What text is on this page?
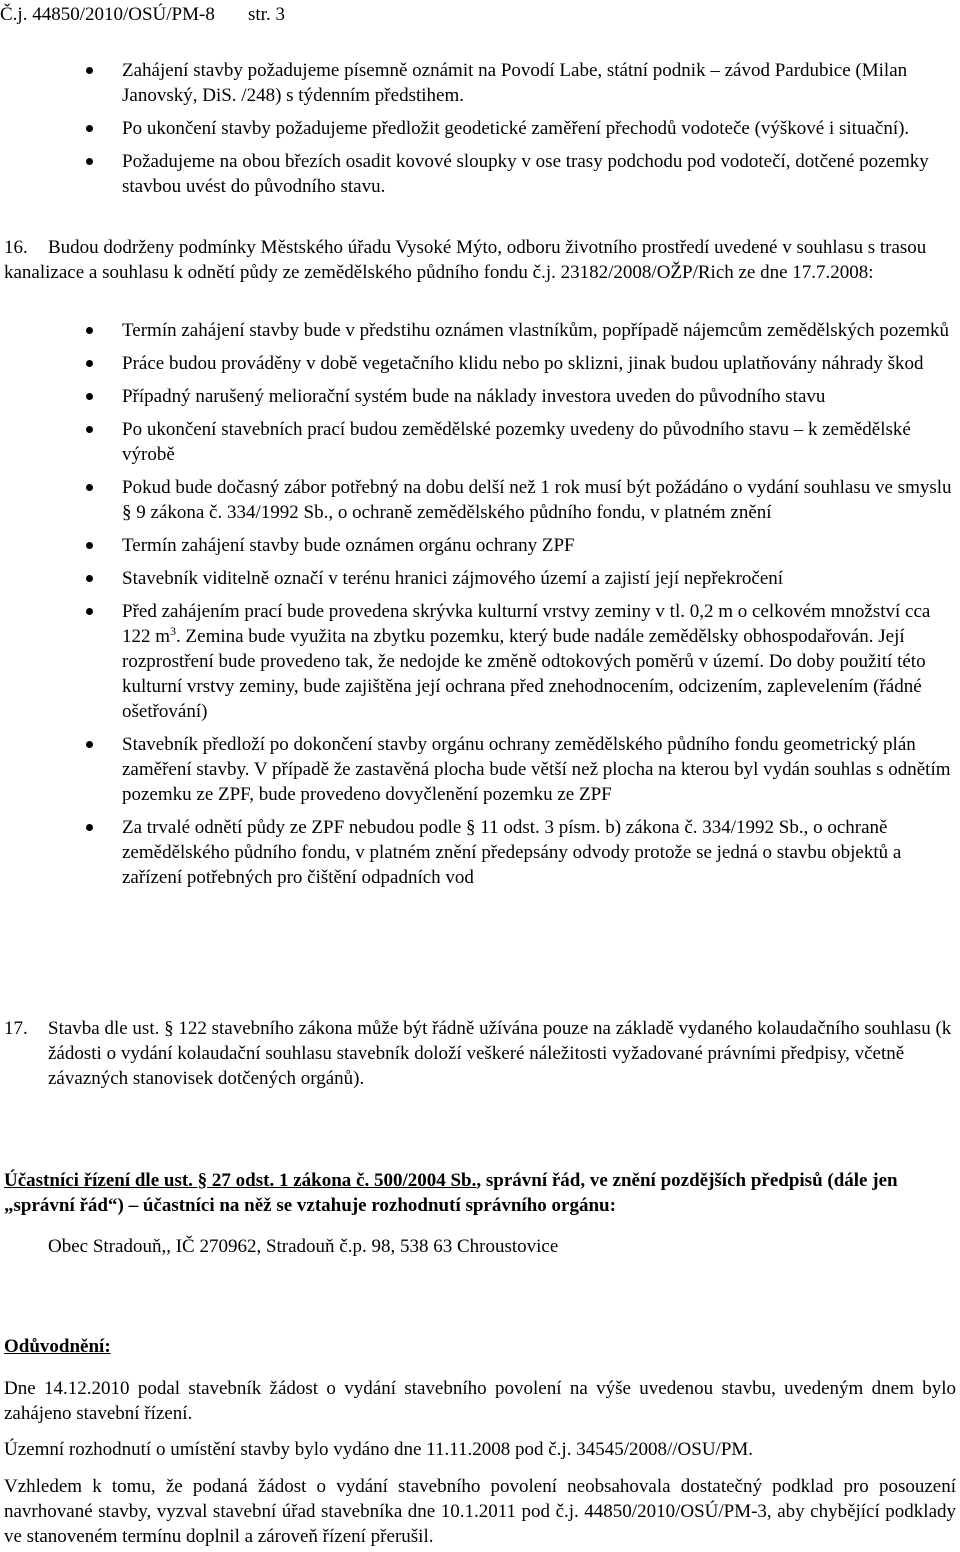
Č.j. 44850/2010/OSÚ/PM-8 str. 3
Zahájení stavby požadujeme písemně oznámit na Povodí Labe, státní podnik – závod Pardubice (Milan Janovský, DiS. /248) s týdenním předstihem.
Po ukončení stavby požadujeme předložit geodetické zaměření přechodů vodoteče (výškové i situační).
Požadujeme na obou březích osadit kovové sloupky v ose trasy podchodu pod vodotečí, dotčené pozemky stavbou uvést do původního stavu.
16.	Budou dodrženy podmínky Městského úřadu Vysoké Mýto, odboru životního prostředí uvedené v souhlasu s trasou kanalizace a souhlasu k odnětí půdy ze zemědělského půdního fondu č.j. 23182/2008/OŽP/Rich ze dne 17.7.2008:
Termín zahájení stavby bude v předstihu oznámen vlastníkům, popřípadě nájemcům zemědělských pozemků
Práce budou prováděny v době vegetačního klidu nebo po sklizni, jinak budou uplatňovány náhrady škod
Případný narušený meliorační systém bude na náklady investora uveden do původního stavu
Po ukončení stavebních prací budou zemědělské pozemky uvedeny do původního stavu – k zemědělské výrobě
Pokud bude dočasný zábor potřebný na dobu delší než 1 rok musí být požádáno o vydání souhlasu ve smyslu § 9 zákona č. 334/1992 Sb., o ochraně zemědělského půdního fondu, v platném znění
Termín zahájení stavby bude oznámen orgánu ochrany ZPF
Stavebník viditelně označí v terénu hranici zájmového území a zajistí její nepřekročení
Před zahájením prací bude provedena skrývka kulturní vrstvy zeminy v tl. 0,2 m o celkovém množství cca 122 $m^3$. Zemina bude využita na zbytku pozemku, který bude nadále zemědělsky obhospodařován. Její rozprostření bude provedeno tak, že nedojde ke změně odtokových poměrů v území. Do doby použití této kulturní vrstvy zeminy, bude zajištěna její ochrana před znehodnocením, odcizením, zaplevelením (řádné ošetřování)
Stavebník předloží po dokončení stavby orgánu ochrany zemědělského půdního fondu geometrický plán zaměření stavby. V případě že zastavěná plocha bude větší než plocha na kterou byl vydán souhlas s odnětím pozemku ze ZPF, bude provedeno dovyčlenění pozemku ze ZPF
Za trvalé odnětí půdy ze ZPF nebudou podle § 11 odst. 3 písm. b) zákona č. 334/1992 Sb., o ochraně zemědělského půdního fondu, v platném znění předepsány odvody protože se jedná o stavbu objektů a zařízení potřebných pro čištění odpadních vod
17.	Stavba dle ust. § 122 stavebního zákona může být řádně užívána pouze na základě vydaného kolaudačního souhlasu (k žádosti o vydání kolaudační souhlasu stavebník doloží veškeré náležitosti vyžadované právními předpisy, včetně závazných stanovisek dotčených orgánů).
Účastníci řízení dle ust. § 27 odst. 1 zákona č. 500/2004 Sb., správní řád, ve znění pozdějších předpisů (dále jen „správní řád“) – účastníci na něž se vztahuje rozhodnutí správního orgánu:
Obec Stradouň,, IČ 270962, Stradouň č.p. 98, 538 63 Chroustovice
Odůvodnění:
Dne 14.12.2010 podal stavebník žádost o vydání stavebního povolení na výše uvedenou stavbu, uvedeným dnem bylo zahájeno stavební řízení.
Územní rozhodnutí o umístění stavby bylo vydáno dne 11.11.2008 pod č.j. 34545/2008//OSU/PM.
Vzhledem k tomu, že podaná žádost o vydání stavebního povolení neobsahovala dostatečný podklad pro posouzení navrhované stavby, vyzval stavební úřad stavebníka dne 10.1.2011 pod č.j. 44850/2010/OSÚ/PM-3, aby chybějící podklady ve stanoveném termínu doplnil a zároveň řízení přerušil.
